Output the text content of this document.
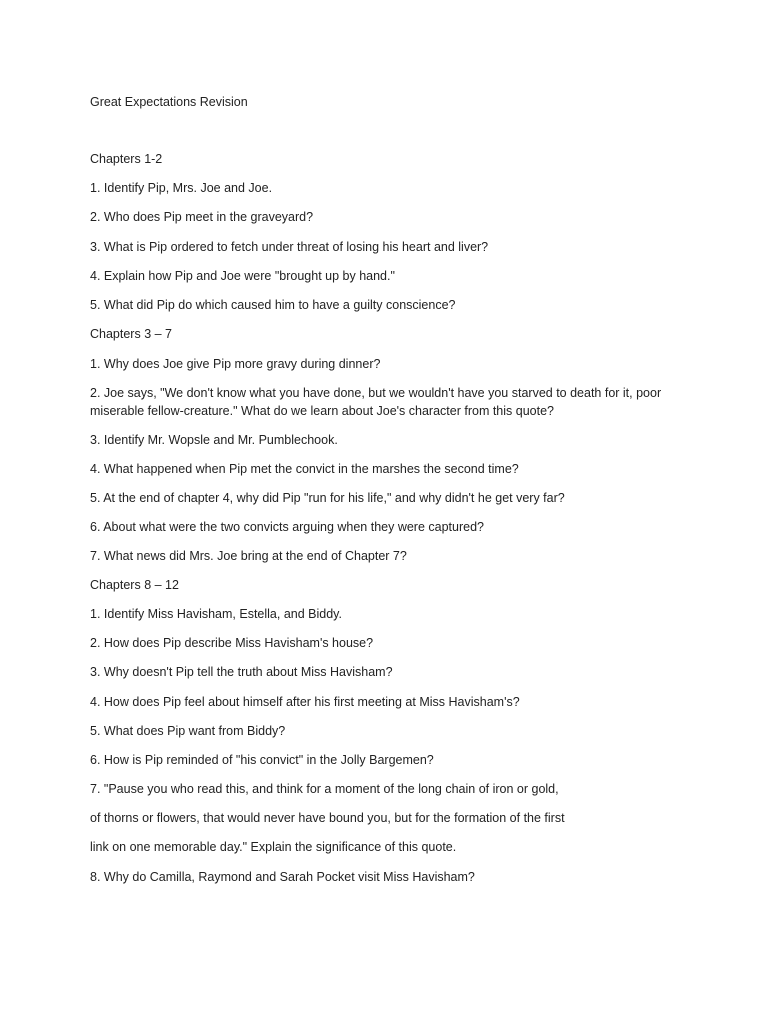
Great Expectations Revision
Chapters 1-2
1. Identify Pip, Mrs. Joe and Joe.
2. Who does Pip meet in the graveyard?
3. What is Pip ordered to fetch under threat of losing his heart and liver?
4. Explain how Pip and Joe were "brought up by hand."
5. What did Pip do which caused him to have a guilty conscience?
Chapters 3 – 7
1. Why does Joe give Pip more gravy during dinner?
2. Joe says, "We don't know what you have done, but we wouldn't have you starved to death for it, poor miserable fellow-creature." What do we learn about Joe's character from this quote?
3. Identify Mr. Wopsle and Mr. Pumblechook.
4. What happened when Pip met the convict in the marshes the second time?
5. At the end of chapter 4, why did Pip "run for his life," and why didn't he get very far?
6. About what were the two convicts arguing when they were captured?
7. What news did Mrs. Joe bring at the end of Chapter 7?
Chapters 8 – 12
1. Identify Miss Havisham, Estella, and Biddy.
2. How does Pip describe Miss Havisham's house?
3. Why doesn't Pip tell the truth about Miss Havisham?
4. How does Pip feel about himself after his first meeting at Miss Havisham's?
5. What does Pip want from Biddy?
6. How is Pip reminded of "his convict" in the Jolly Bargemen?
7. "Pause you who read this, and think for a moment of the long chain of iron or gold,
of thorns or flowers, that would never have bound you, but for the formation of the first
link on one memorable day." Explain the significance of this quote.
8. Why do Camilla, Raymond and Sarah Pocket visit Miss Havisham?
